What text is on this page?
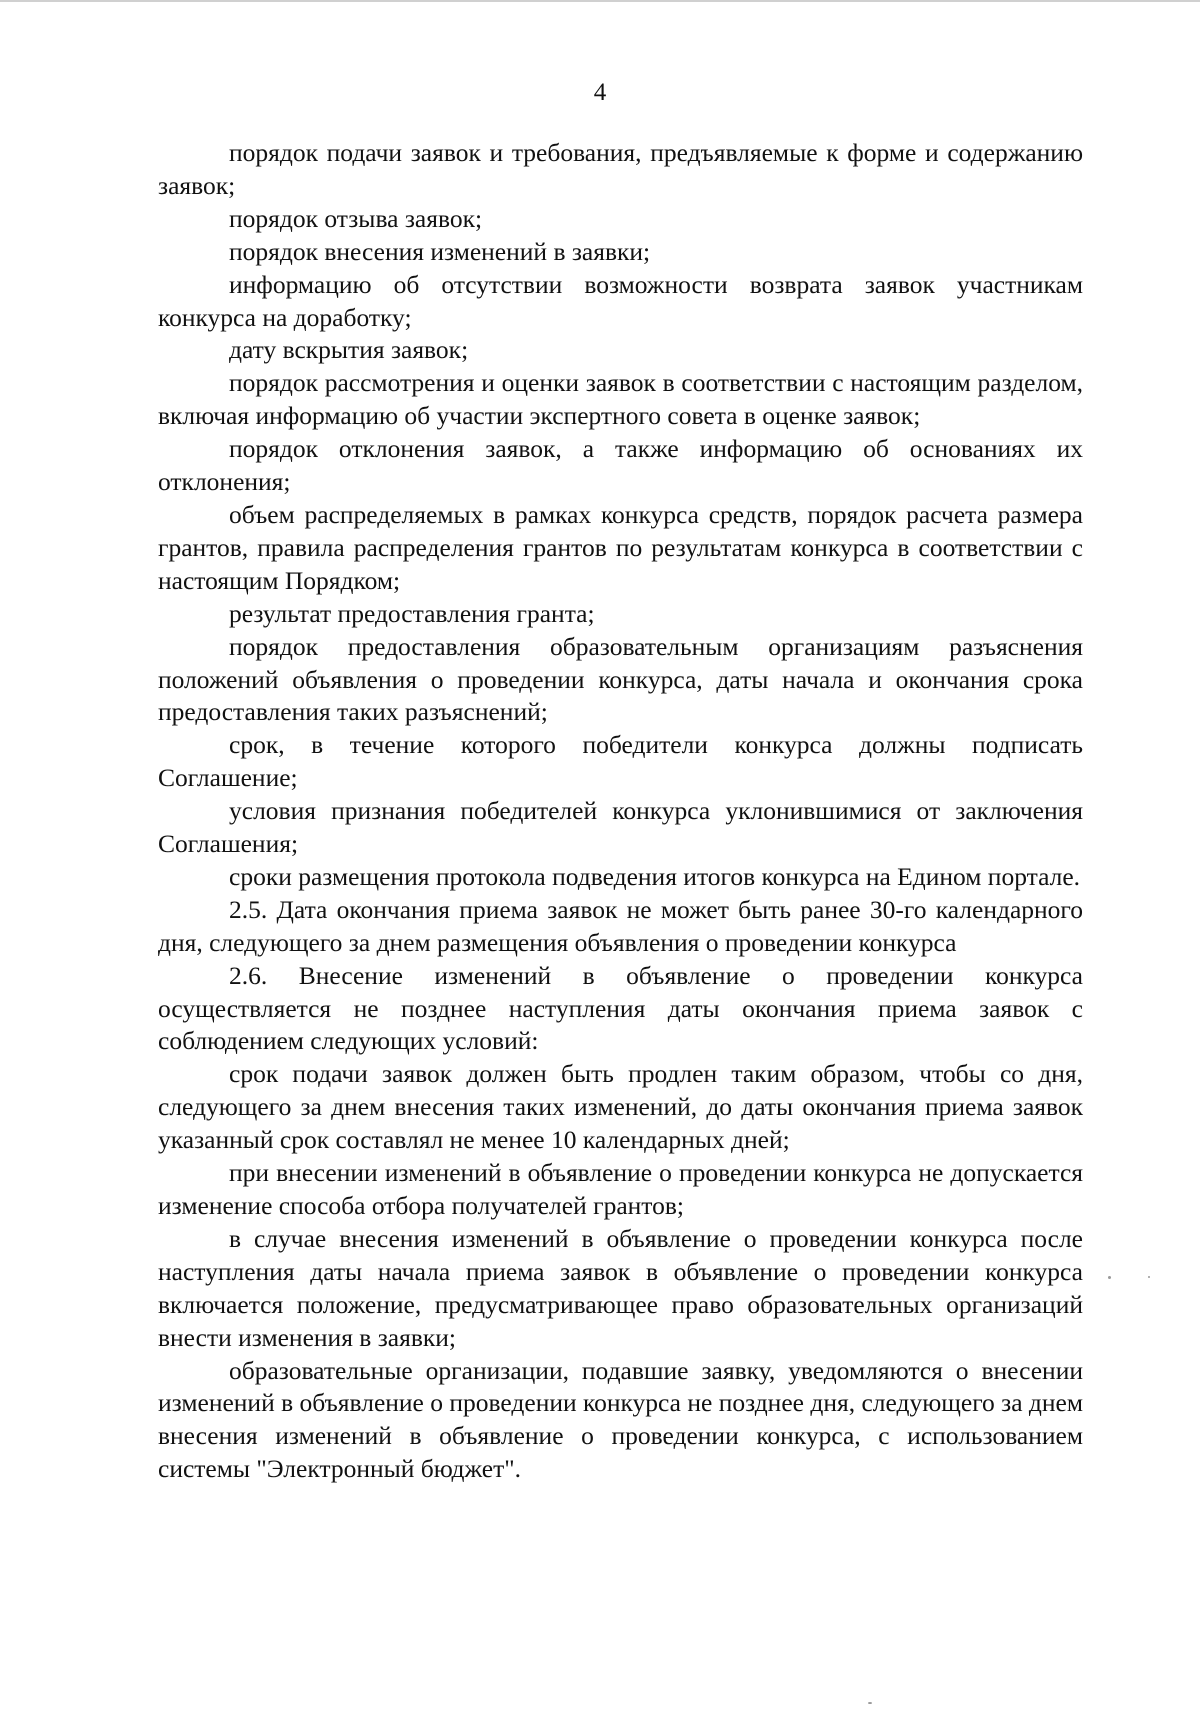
4

порядок подачи заявок и требования, предъявляемые к форме и содержанию заявок;

порядок отзыва заявок;

порядок внесения изменений в заявки;

информацию об отсутствии возможности возврата заявок участникам конкурса на доработку;

дату вскрытия заявок;

порядок рассмотрения и оценки заявок в соответствии с настоящим разделом, включая информацию об участии экспертного совета в оценке заявок;

порядок отклонения заявок, а также информацию об основаниях их отклонения;

объем распределяемых в рамках конкурса средств, порядок расчета размера грантов, правила распределения грантов по результатам конкурса в соответствии с настоящим Порядком;

результат предоставления гранта;

порядок предоставления образовательным организациям разъяснения положений объявления о проведении конкурса, даты начала и окончания срока предоставления таких разъяснений;

срок, в течение которого победители конкурса должны подписать Соглашение;

условия признания победителей конкурса уклонившимися от заключения Соглашения;

сроки размещения протокола подведения итогов конкурса на Едином портале.

2.5. Дата окончания приема заявок не может быть ранее 30-го календарного дня, следующего за днем размещения объявления о проведении конкурса

2.6. Внесение изменений в объявление о проведении конкурса осуществляется не позднее наступления даты окончания приема заявок с соблюдением следующих условий:

срок подачи заявок должен быть продлен таким образом, чтобы со дня, следующего за днем внесения таких изменений, до даты окончания приема заявок указанный срок составлял не менее 10 календарных дней;

при внесении изменений в объявление о проведении конкурса не допускается изменение способа отбора получателей грантов;

в случае внесения изменений в объявление о проведении конкурса после наступления даты начала приема заявок в объявление о проведении конкурса включается положение, предусматривающее право образовательных организаций внести изменения в заявки;

образовательные организации, подавшие заявку, уведомляются о внесении изменений в объявление о проведении конкурса не позднее дня, следующего за днем внесения изменений в объявление о проведении конкурса, с использованием системы "Электронный бюджет".
